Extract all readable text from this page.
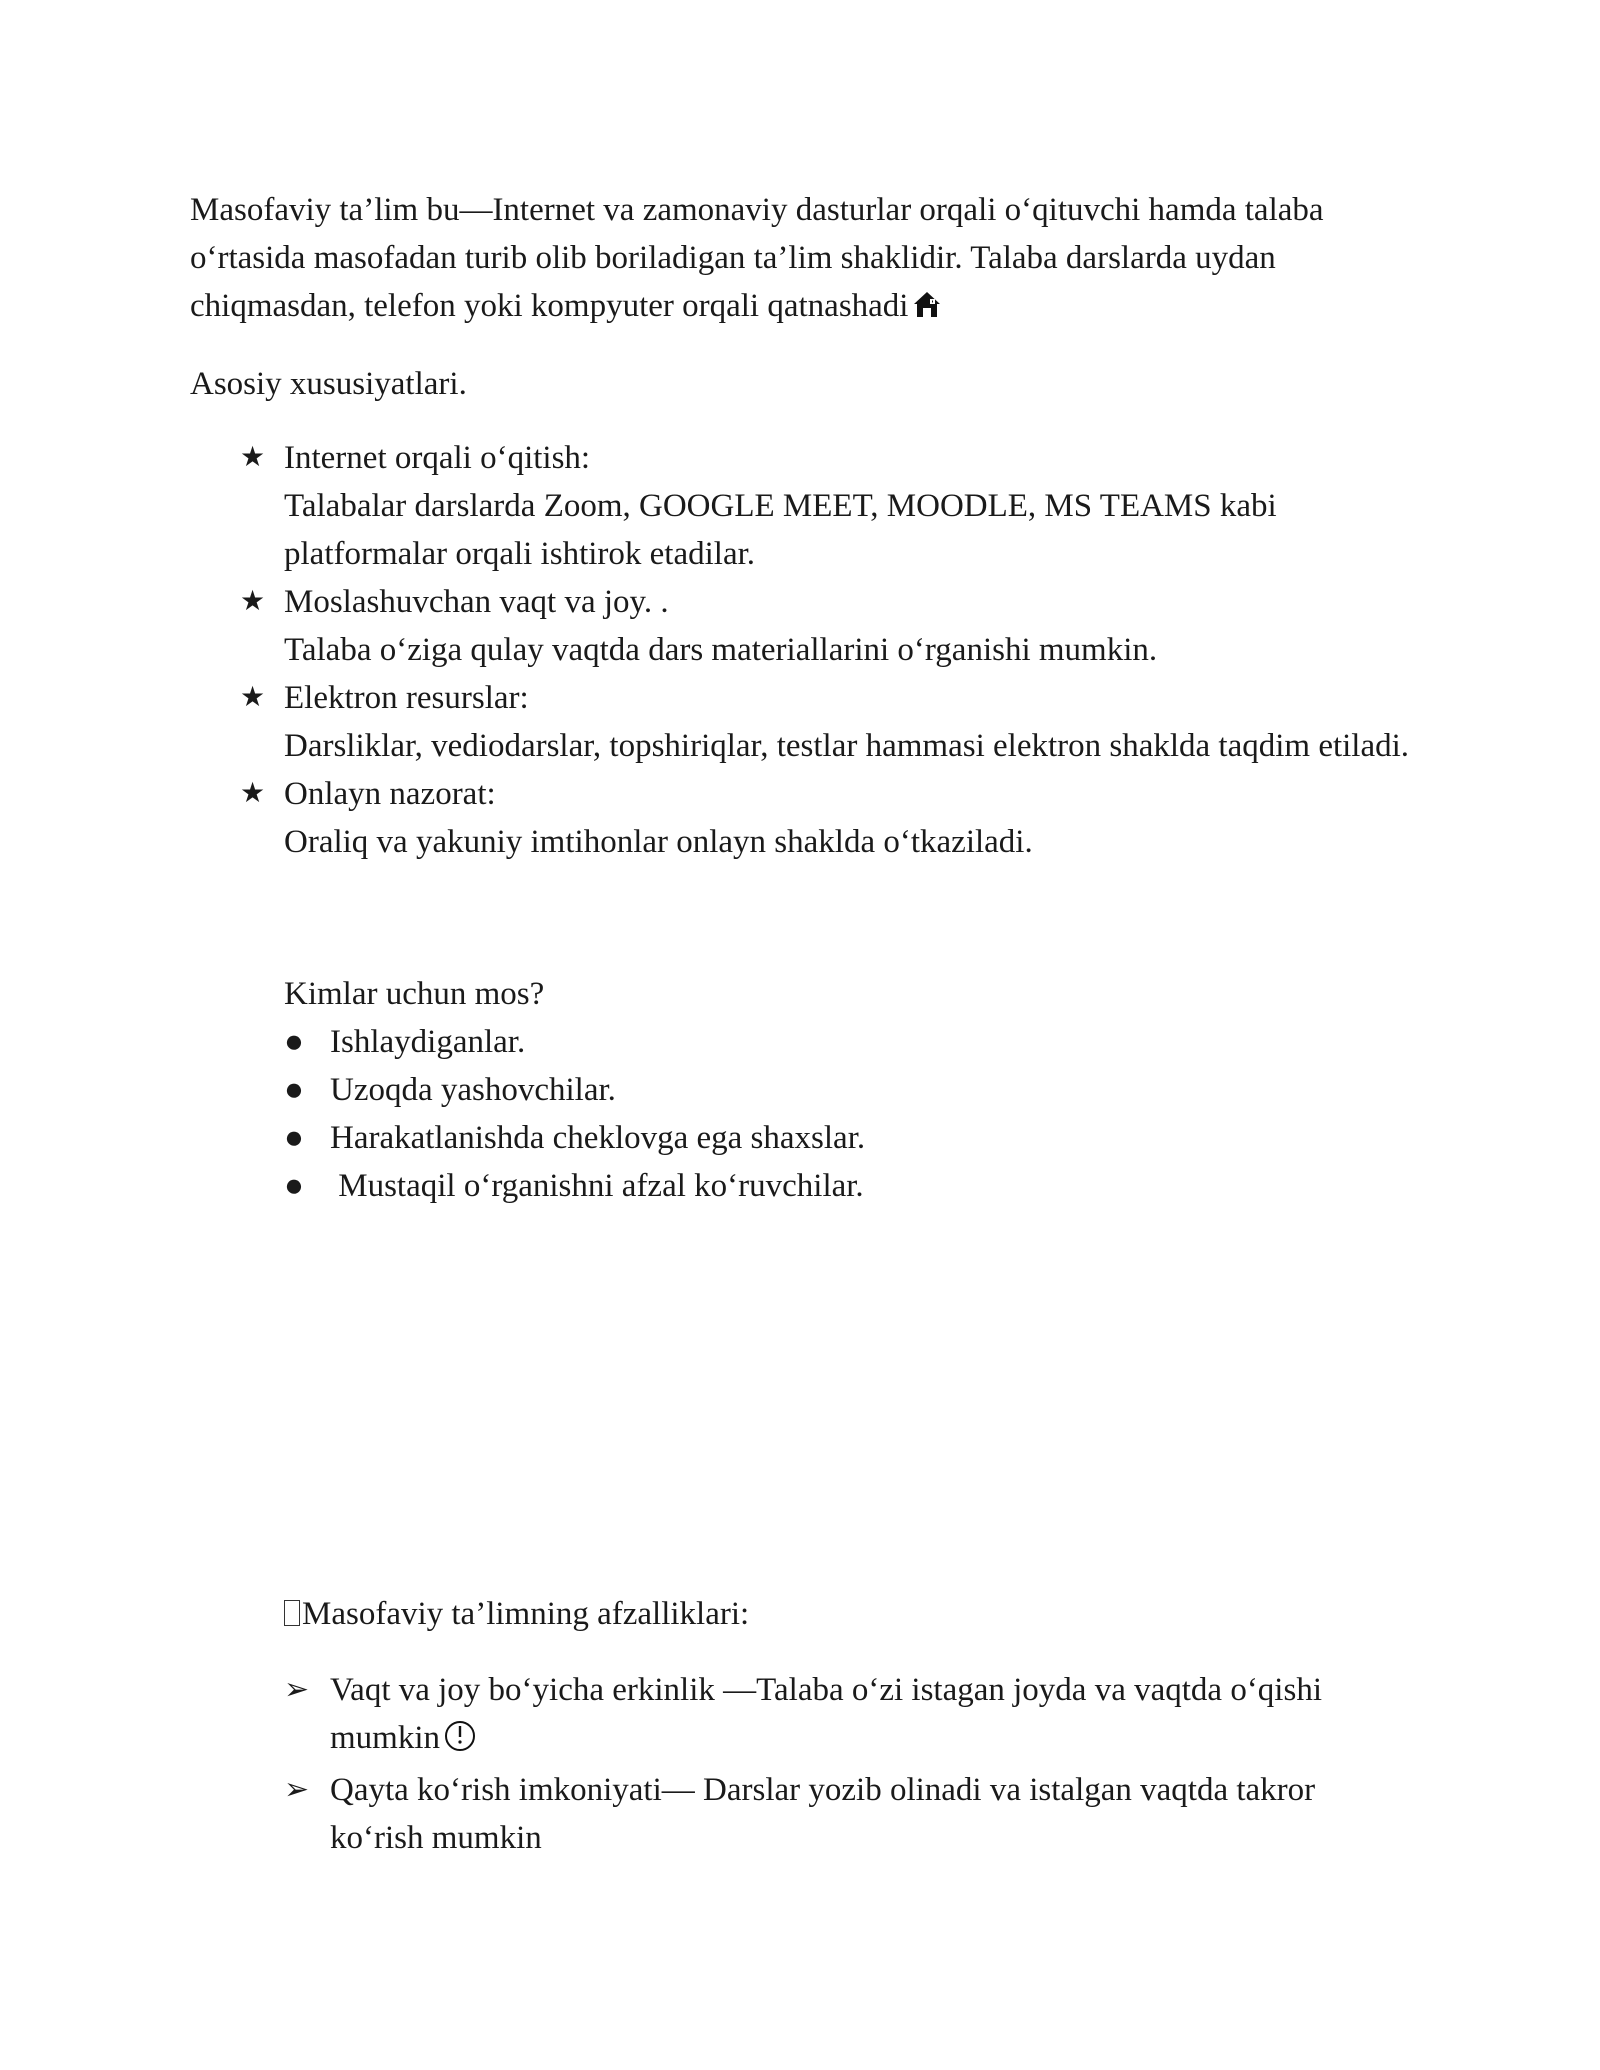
Masofaviy ta’lim bu—Internet va zamonaviy dasturlar orqali o‘qituvchi hamda talaba o‘rtasida masofadan turib olib boriladigan ta’lim shaklidir. Talaba darslarda uydan chiqmasdan, telefon yoki kompyuter orqali qatnashadi

Asosiy xususiyatlari.

★ Internet orqali o‘qitish:

Talabalar darslarda Zoom, GOOGLE MEET, MOODLE, MS TEAMS kabi platformalar orqali ishtirok etadilar.

★ Moslashuvchan vaqt va joy. .

Talaba o‘ziga qulay vaqtda dars materiallarini o‘rganishi mumkin.

★ Elektron resurslar:

Darsliklar, vediodarslar, topshiriqlar, testlar hammasi elektron shaklda taqdim etiladi.

★ Onlayn nazorat:

Oraliq va yakuniy imtihonlar onlayn shaklda o‘tkaziladi.

Kimlar uchun mos?

● Ishlaydiganlar.

● Uzoqda yashovchilar.

● Harakatlanishda cheklovga ega shaxslar.

● Mustaqil o‘rganishni afzal ko‘ruvchilar.

Masofaviy ta’limning afzalliklari:

➢ Vaqt va joy bo‘yicha erkinlik —Talaba o‘zi istagan joyda va vaqtda o‘qishi mumkin

➢ Qayta ko‘rish imkoniyati— Darslar yozib olinadi va istalgan vaqtda takror ko‘rish mumkin
